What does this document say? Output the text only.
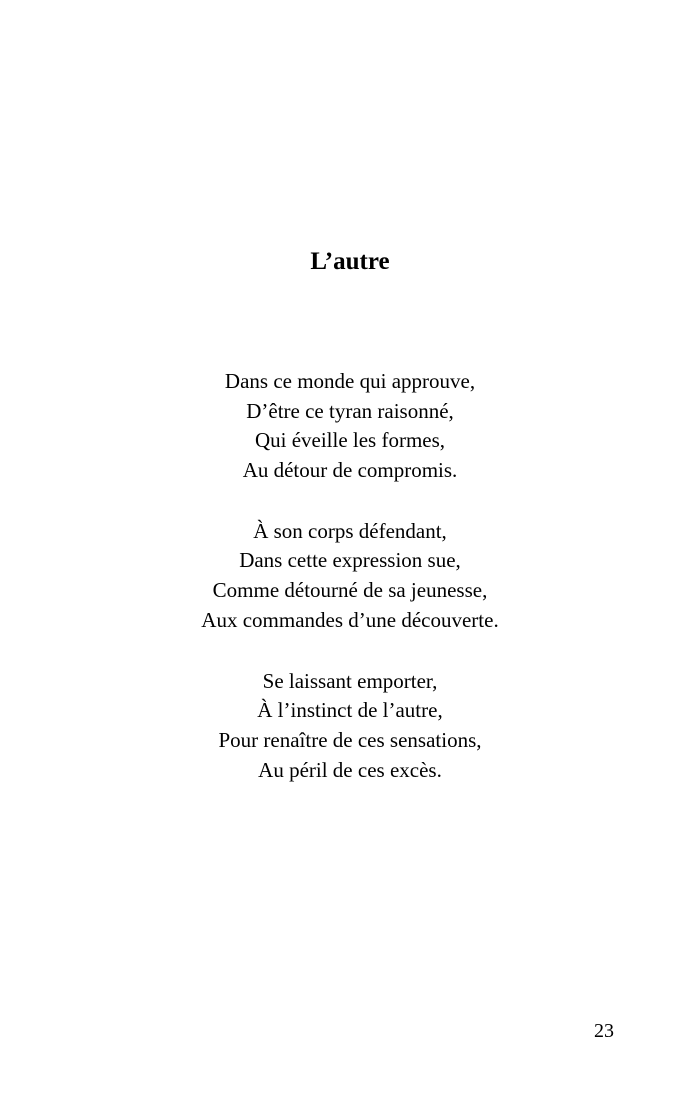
L’autre
Dans ce monde qui approuve,
D’être ce tyran raisonné,
Qui éveille les formes,
Au détour de compromis.
À son corps défendant,
Dans cette expression sue,
Comme détourné de sa jeunesse,
Aux commandes d’une découverte.
Se laissant emporter,
À l’instinct de l’autre,
Pour renaître de ces sensations,
Au péril de ces excès.
23
